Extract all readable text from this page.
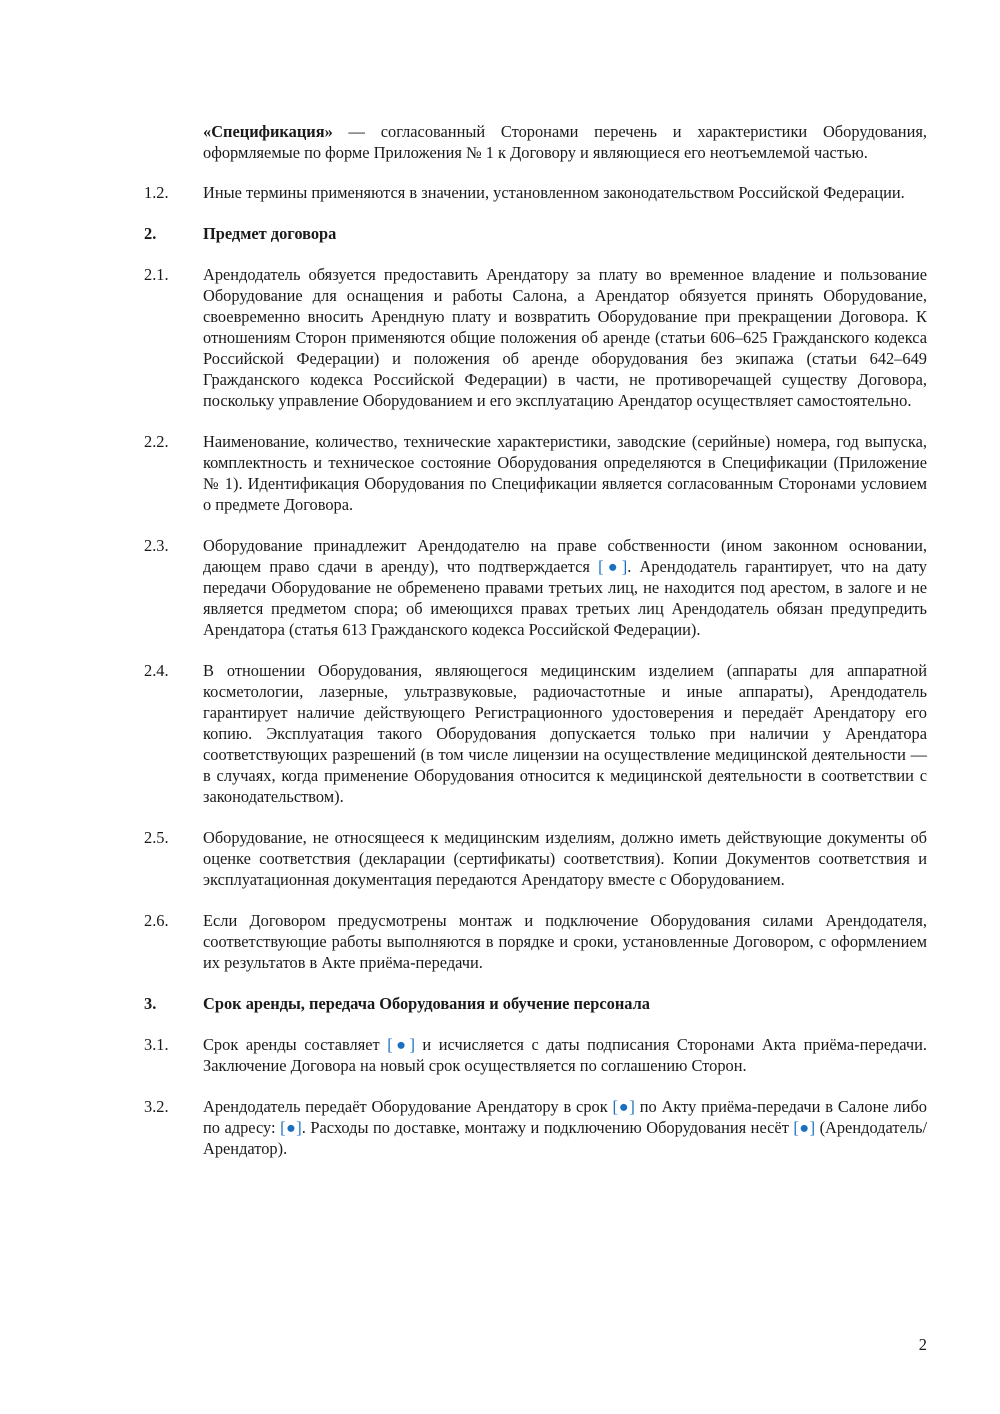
«Спецификация» — согласованный Сторонами перечень и характеристики Оборудования, оформляемые по форме Приложения № 1 к Договору и являющиеся его неотъемлемой частью.
1.2.	Иные термины применяются в значении, установленном законодательством Российской Федерации.
2.	Предмет договора
2.1.	Арендодатель обязуется предоставить Арендатору за плату во временное владение и пользование Оборудование для оснащения и работы Салона, а Арендатор обязуется принять Оборудование, своевременно вносить Арендную плату и возвратить Оборудование при прекращении Договора. К отношениям Сторон применяются общие положения об аренде (статьи 606–625 Гражданского кодекса Российской Федерации) и положения об аренде оборудования без экипажа (статьи 642–649 Гражданского кодекса Российской Федерации) в части, не противоречащей существу Договора, поскольку управление Оборудованием и его эксплуатацию Арендатор осуществляет самостоятельно.
2.2.	Наименование, количество, технические характеристики, заводские (серийные) номера, год выпуска, комплектность и техническое состояние Оборудования определяются в Спецификации (Приложение № 1). Идентификация Оборудования по Спецификации является согласованным Сторонами условием о предмете Договора.
2.3.	Оборудование принадлежит Арендодателю на праве собственности (ином законном основании, дающем право сдачи в аренду), что подтверждается [●]. Арендодатель гарантирует, что на дату передачи Оборудование не обременено правами третьих лиц, не находится под арестом, в залоге и не является предметом спора; об имеющихся правах третьих лиц Арендодатель обязан предупредить Арендатора (статья 613 Гражданского кодекса Российской Федерации).
2.4.	В отношении Оборудования, являющегося медицинским изделием (аппараты для аппаратной косметологии, лазерные, ультразвуковые, радиочастотные и иные аппараты), Арендодатель гарантирует наличие действующего Регистрационного удостоверения и передаёт Арендатору его копию. Эксплуатация такого Оборудования допускается только при наличии у Арендатора соответствующих разрешений (в том числе лицензии на осуществление медицинской деятельности — в случаях, когда применение Оборудования относится к медицинской деятельности в соответствии с законодательством).
2.5.	Оборудование, не относящееся к медицинским изделиям, должно иметь действующие документы об оценке соответствия (декларации (сертификаты) соответствия). Копии Документов соответствия и эксплуатационная документация передаются Арендатору вместе с Оборудованием.
2.6.	Если Договором предусмотрены монтаж и подключение Оборудования силами Арендодателя, соответствующие работы выполняются в порядке и сроки, установленные Договором, с оформлением их результатов в Акте приёма-передачи.
3.	Срок аренды, передача Оборудования и обучение персонала
3.1.	Срок аренды составляет [●] и исчисляется с даты подписания Сторонами Акта приёма-передачи. Заключение Договора на новый срок осуществляется по соглашению Сторон.
3.2.	Арендодатель передаёт Оборудование Арендатору в срок [●] по Акту приёма-передачи в Салоне либо по адресу: [●]. Расходы по доставке, монтажу и подключению Оборудования несёт [●] (Арендодатель/Арендатор).
2
